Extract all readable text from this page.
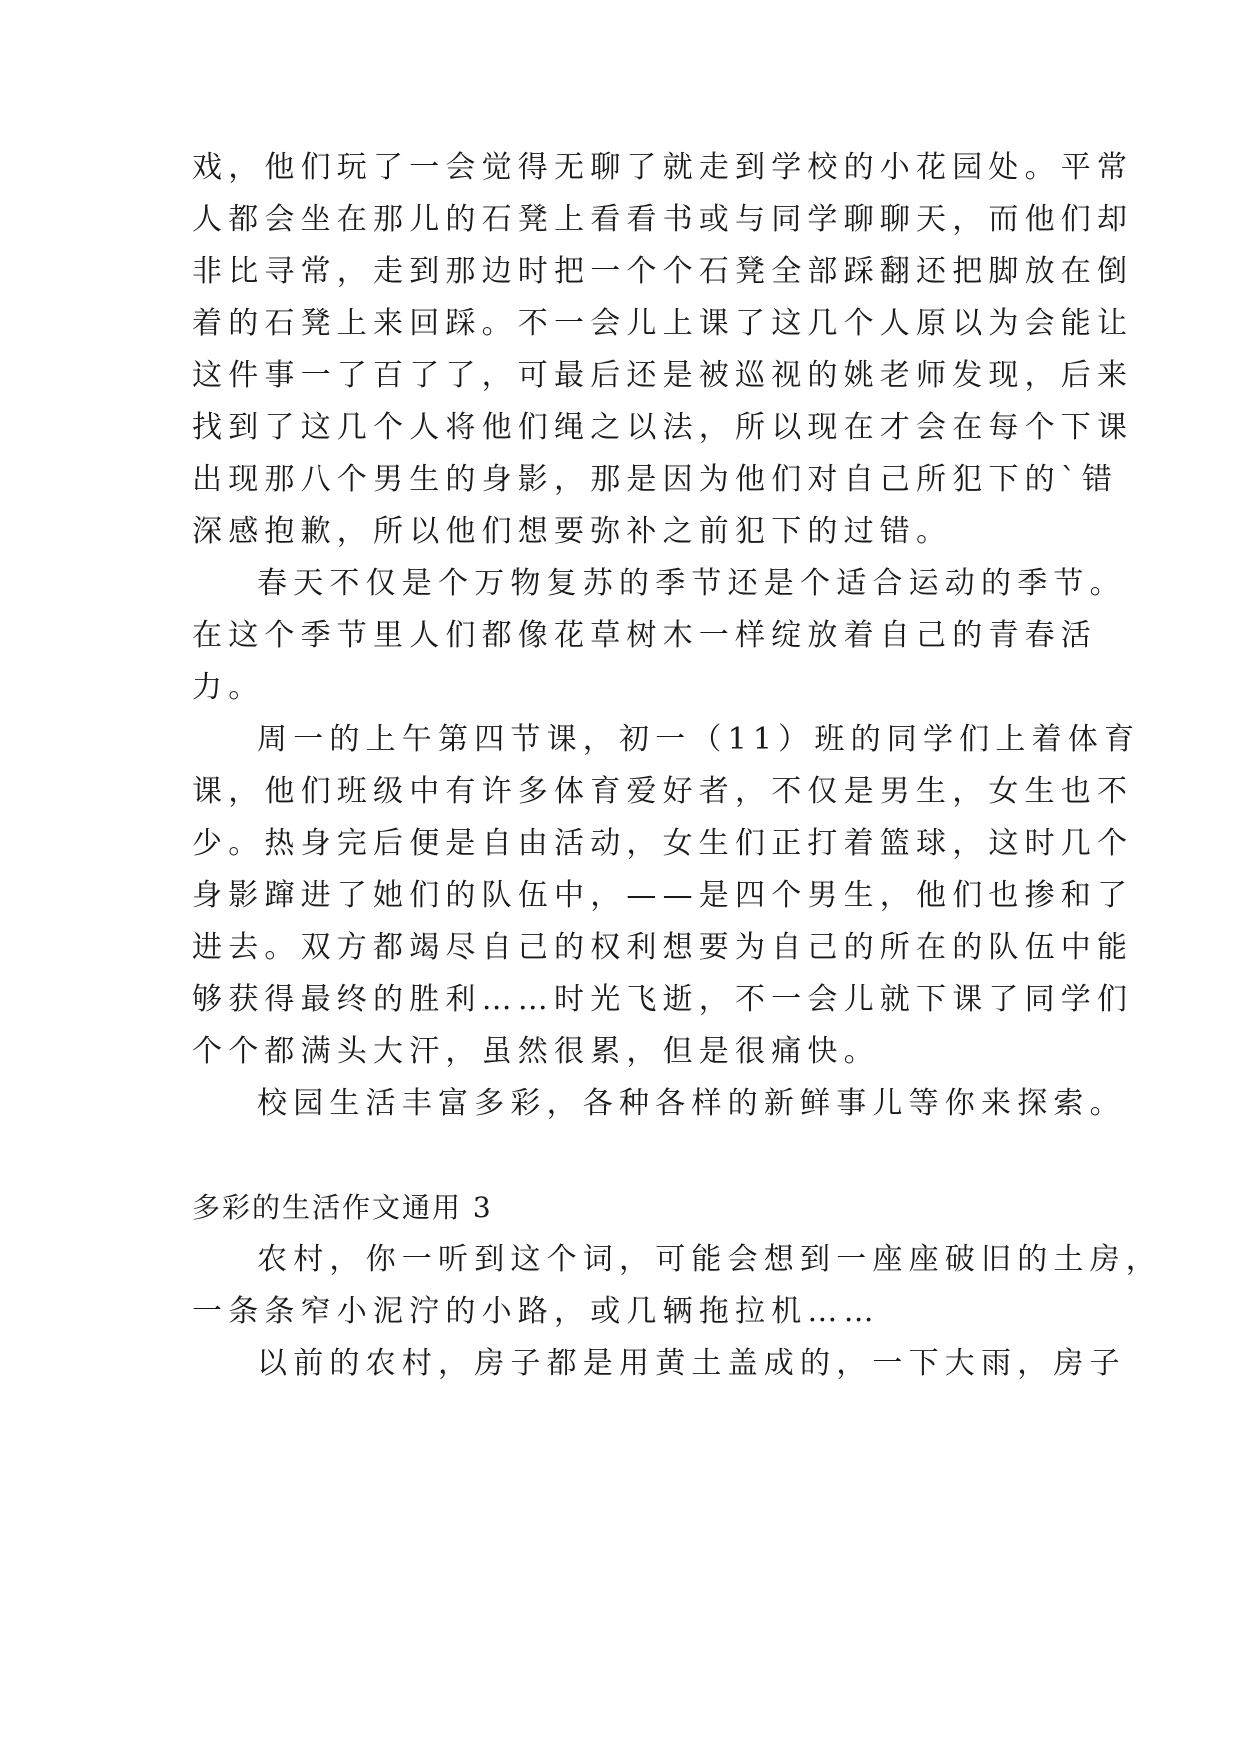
戏，他们玩了一会觉得无聊了就走到学校的小花园处。平常
人都会坐在那儿的石凳上看看书或与同学聊聊天，而他们却
非比寻常，走到那边时把一个个石凳全部踩翻还把脚放在倒
着的石凳上来回踩。不一会儿上课了这几个人原以为会能让
这件事一了百了了，可最后还是被巡视的姚老师发现，后来
找到了这几个人将他们绳之以法，所以现在才会在每个下课
出现那八个男生的身影，那是因为他们对自己所犯下的`错
深感抱歉，所以他们想要弥补之前犯下的过错。
春天不仅是个万物复苏的季节还是个适合运动的季节。
在这个季节里人们都像花草树木一样绽放着自己的青春活
力。
周一的上午第四节课，初一（11）班的同学们上着体育
课，他们班级中有许多体育爱好者，不仅是男生，女生也不
少。热身完后便是自由活动，女生们正打着篮球，这时几个
身影蹿进了她们的队伍中，——是四个男生，他们也掺和了
进去。双方都竭尽自己的权利想要为自己的所在的队伍中能
够获得最终的胜利……时光飞逝，不一会儿就下课了同学们
个个都满头大汗，虽然很累，但是很痛快。
校园生活丰富多彩，各种各样的新鲜事儿等你来探索。
多彩的生活作文通用 3
农村，你一听到这个词，可能会想到一座座破旧的土房，
一条条窄小泥泞的小路，或几辆拖拉机……
以前的农村，房子都是用黄土盖成的，一下大雨，房子
